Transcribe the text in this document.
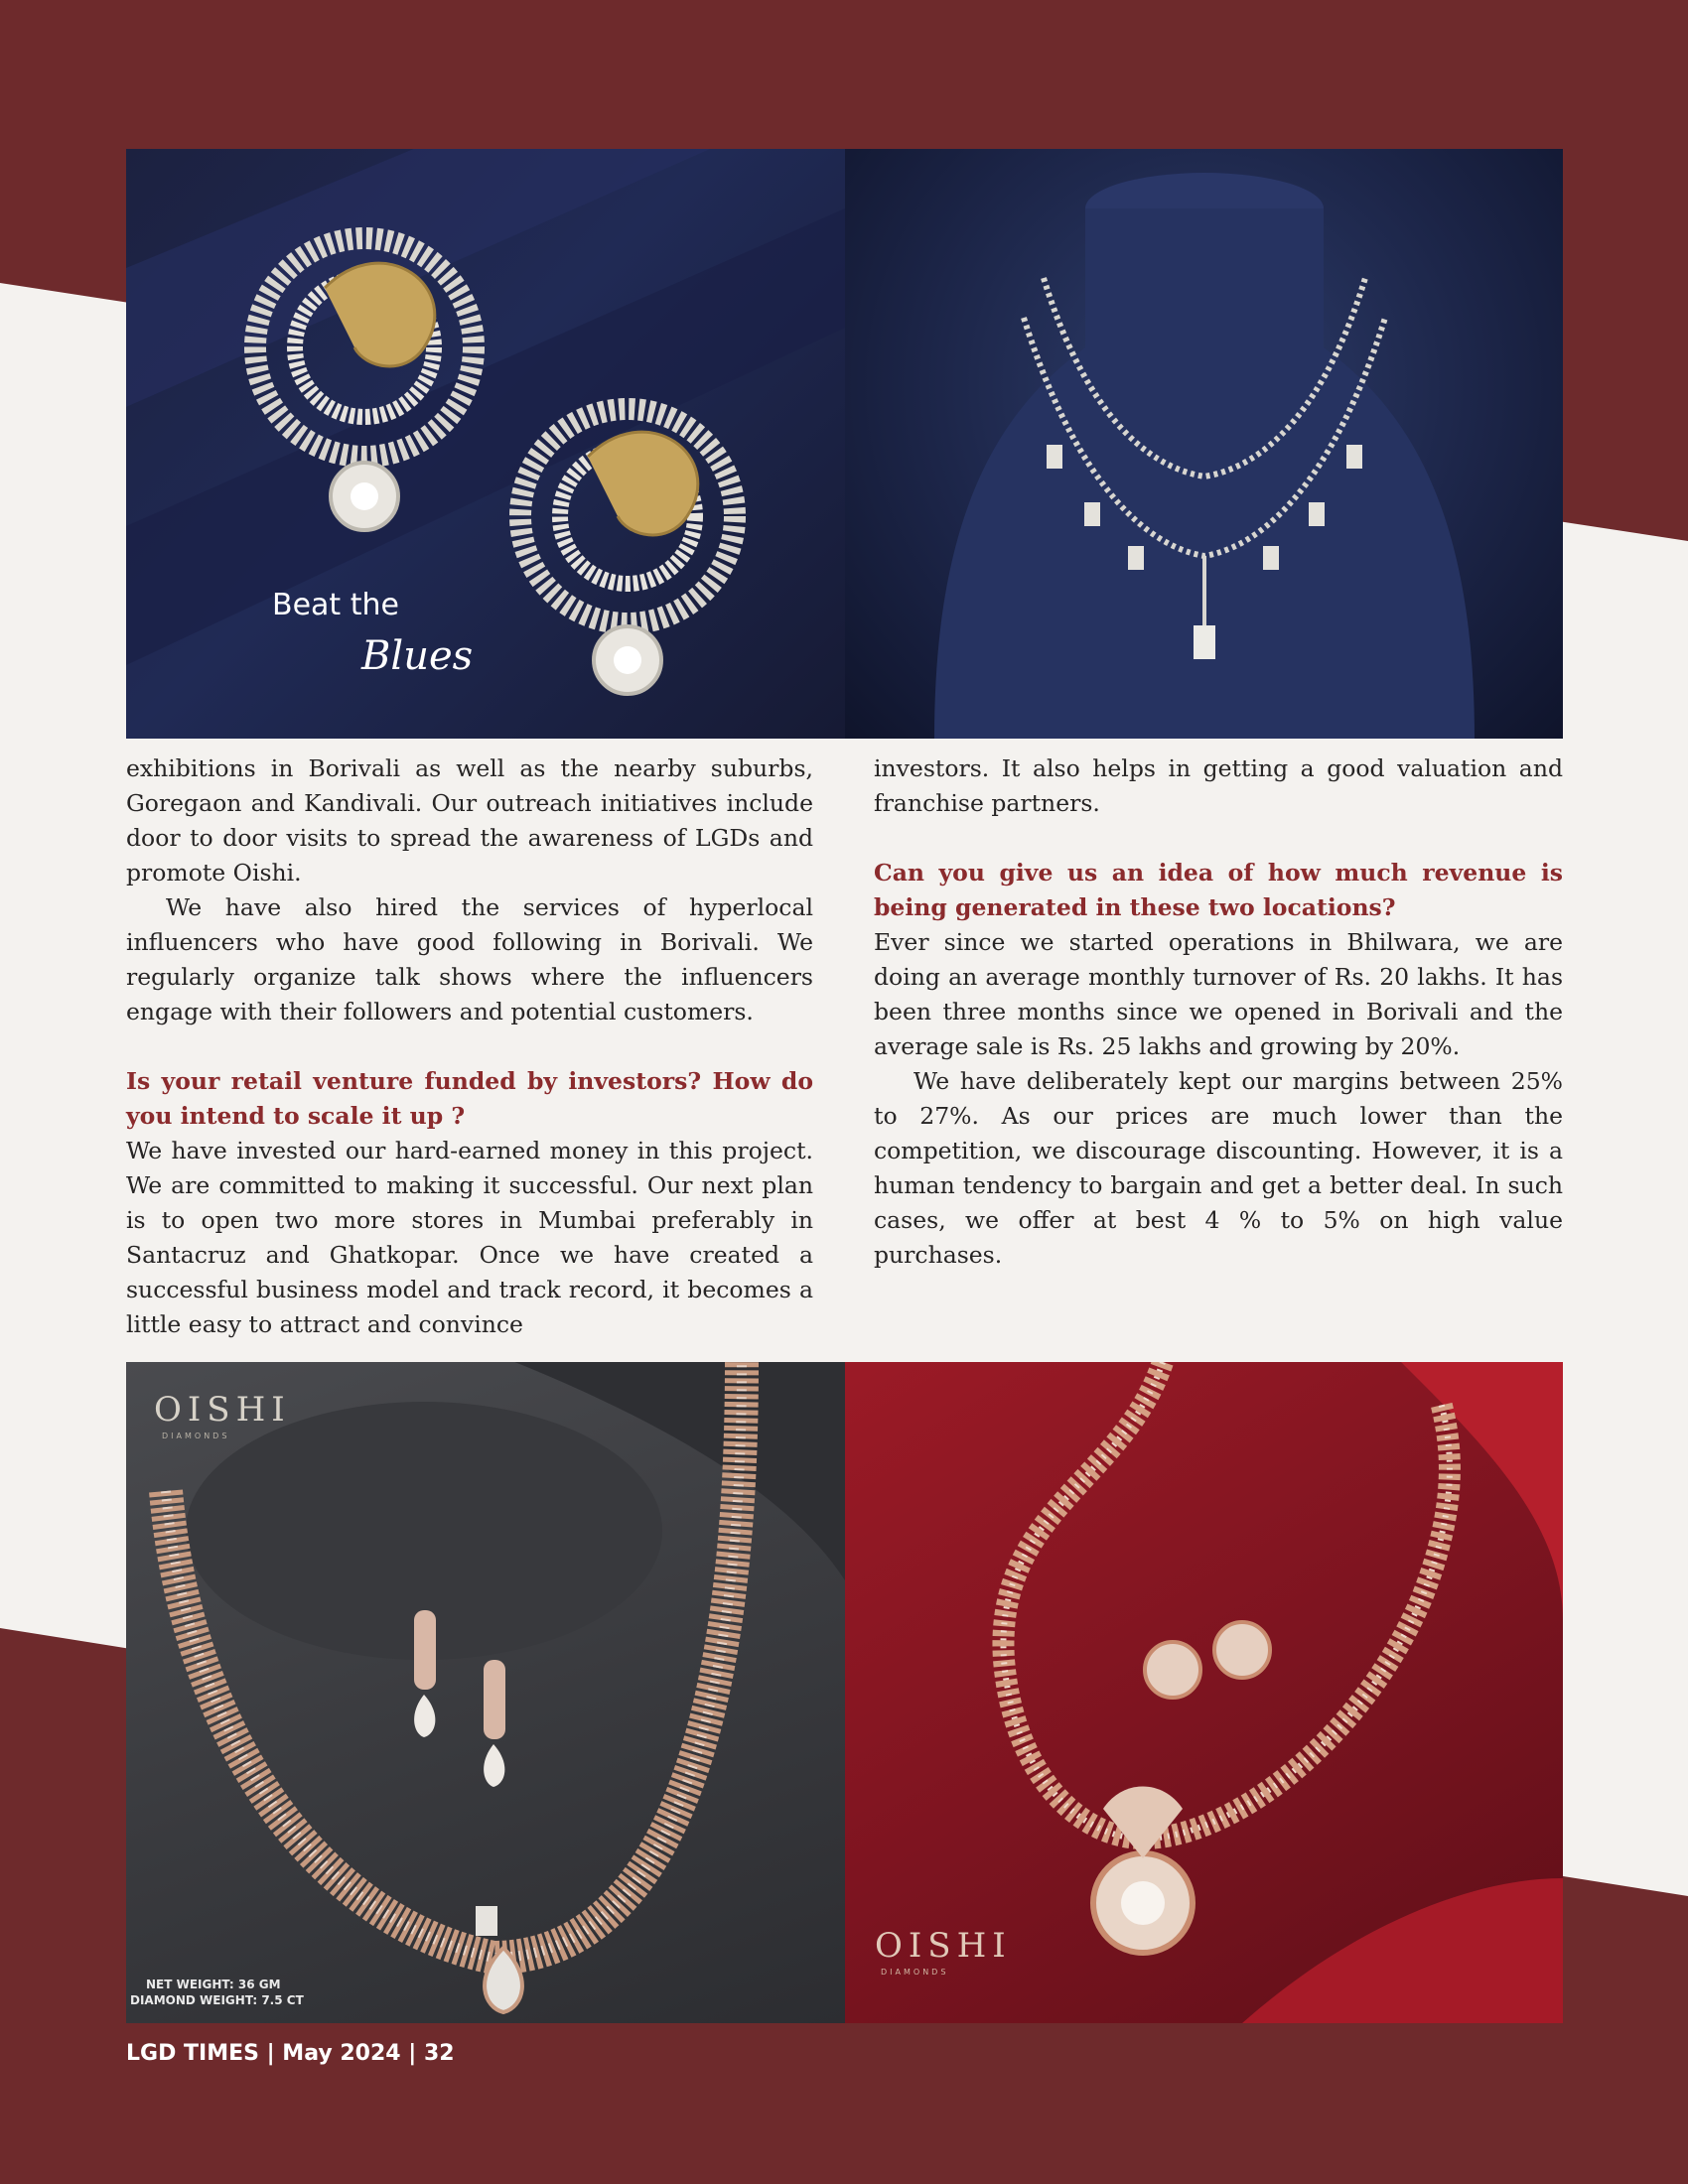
Beat the
Blues

exhibitions in Borivali as well as the nearby suburbs, Goregaon and Kandivali. Our outreach initiatives include door to door visits to spread the awareness of LGDs and promote Oishi.

We have also hired the services of hyperlocal influencers who have good following in Borivali. We regularly organize talk shows where the influencers engage with their followers and potential customers.

Is your retail venture funded by investors? How do you intend to scale it up ?

We have invested our hard-earned money in this project. We are committed to making it successful. Our next plan is to open two more stores in Mumbai preferably in Santacruz and Ghatkopar. Once we have created a successful business model and track record, it becomes a little easy to attract and convince

investors. It also helps in getting a good valuation and franchise partners.

Can you give us an idea of how much revenue is being generated in these two locations?

Ever since we started operations in Bhilwara, we are doing an average monthly turnover of Rs. 20 lakhs. It has been three months since we opened in Borivali and the average sale is Rs. 25 lakhs and growing by 20%.

We have deliberately kept our margins between 25% to 27%. As our prices are much lower than the competition, we discourage discounting. However, it is a human tendency to bargain and get a better deal. In such cases, we offer at best 4 % to 5% on high value purchases.

OISHI
DIAMONDS
NET WEIGHT: 36 GM
DIAMOND WEIGHT: 7.5 CT
OISHI
DIAMONDS
LGD TIMES | May 2024 | 32
